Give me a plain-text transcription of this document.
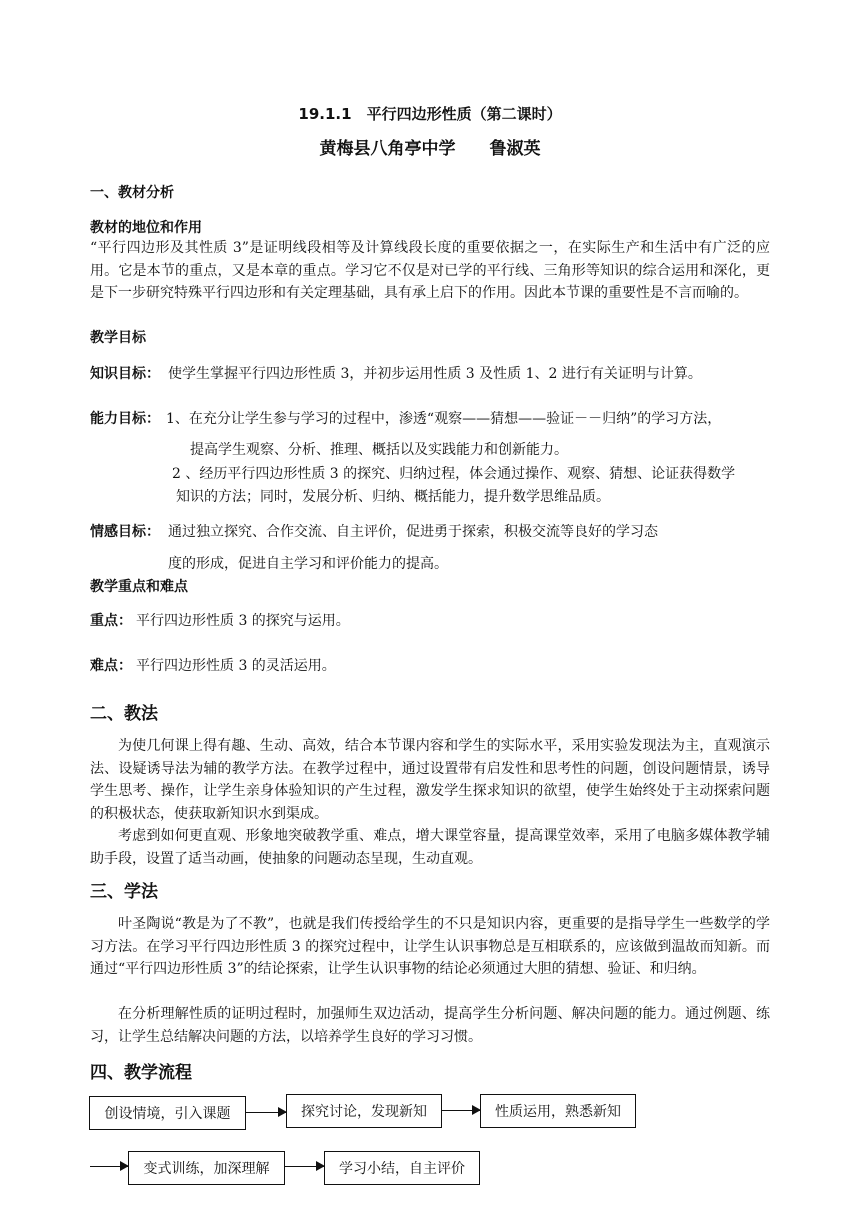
19.1.1　平行四边形性质（第二课时）
黄梅县八角亭中学　　鲁淑英
一、教材分析
教材的地位和作用
“平行四边形及其性质 3”是证明线段相等及计算线段长度的重要依据之一，在实际生产和生活中有广泛的应用。它是本节的重点，又是本章的重点。学习它不仅是对已学的平行线、三角形等知识的综合运用和深化，更是下一步研究特殊平行四边形和有关定理基础，具有承上启下的作用。因此本节课的重要性是不言而喻的。
教学目标
知识目标： 使学生掌握平行四边形性质 3，并初步运用性质 3 及性质 1、2 进行有关证明与计算。
能力目标： 1、在充分让学生参与学习的过程中，渗透“观察——猜想——验证－－归纳”的学习方法，
提高学生观察、分析、推理、概括以及实践能力和创新能力。
2 、经历平行四边形性质 3 的探究、归纳过程，体会通过操作、观察、猜想、论证获得数学
知识的方法；同时，发展分析、归纳、概括能力，提升数学思维品质。
情感目标： 通过独立探究、合作交流、自主评价，促进勇于探索，积极交流等良好的学习态
度的形成，促进自主学习和评价能力的提高。
教学重点和难点
重点： 平行四边形性质 3 的探究与运用。
难点： 平行四边形性质 3 的灵活运用。
二、教法
为使几何课上得有趣、生动、高效，结合本节课内容和学生的实际水平，采用实验发现法为主，直观演示法、设疑诱导法为辅的教学方法。在教学过程中，通过设置带有启发性和思考性的问题，创设问题情景，诱导学生思考、操作，让学生亲身体验知识的产生过程，激发学生探求知识的欲望，使学生始终处于主动探索问题的积极状态，使获取新知识水到渠成。
考虑到如何更直观、形象地突破教学重、难点，增大课堂容量，提高课堂效率，采用了电脑多媒体教学辅助手段，设置了适当动画，使抽象的问题动态呈现，生动直观。
三、学法
叶圣陶说“教是为了不教”，也就是我们传授给学生的不只是知识内容，更重要的是指导学生一些数学的学习方法。在学习平行四边形性质 3 的探究过程中，让学生认识事物总是互相联系的，应该做到温故而知新。而通过“平行四边形性质 3”的结论探索，让学生认识事物的结论必须通过大胆的猜想、验证、和归纳。
在分析理解性质的证明过程时，加强师生双边活动，提高学生分析问题、解决问题的能力。通过例题、练习，让学生总结解决问题的方法，以培养学生良好的学习习惯。
四、教学流程
创设情境，引入课题	探究讨论，发现新知	性质运用，熟悉新知
变式训练，加深理解	学习小结，自主评价
